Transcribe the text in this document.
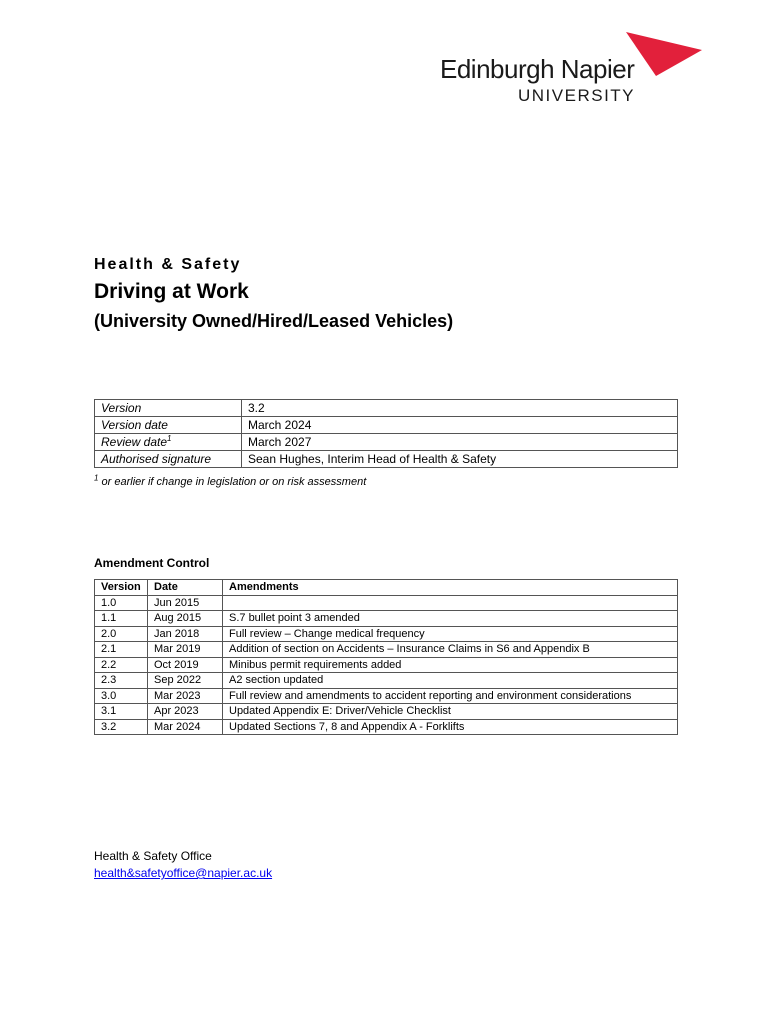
Edinburgh Napier
UNIVERSITY
Health & Safety
Driving at Work
(University Owned/Hired/Leased Vehicles)
Version	3.2
Version date	March 2024
Review date$^1$	March 2027
Authorised signature	Sean Hughes, Interim Head of Health & Safety
$^1$ or earlier if change in legislation or on risk assessment
Amendment Control
Version	Date	Amendments
1.0	Jun 2015	
1.1	Aug 2015	S.7 bullet point 3 amended
2.0	Jan 2018	Full review – Change medical frequency
2.1	Mar 2019	Addition of section on Accidents – Insurance Claims in S6 and Appendix B
2.2	Oct 2019	Minibus permit requirements added
2.3	Sep 2022	A2 section updated
3.0	Mar 2023	Full review and amendments to accident reporting and environment considerations
3.1	Apr 2023	Updated Appendix E: Driver/Vehicle Checklist
3.2	Mar 2024	Updated Sections 7, 8 and Appendix A - Forklifts
Health & Safety Office
health&safetyoffice@napier.ac.uk
